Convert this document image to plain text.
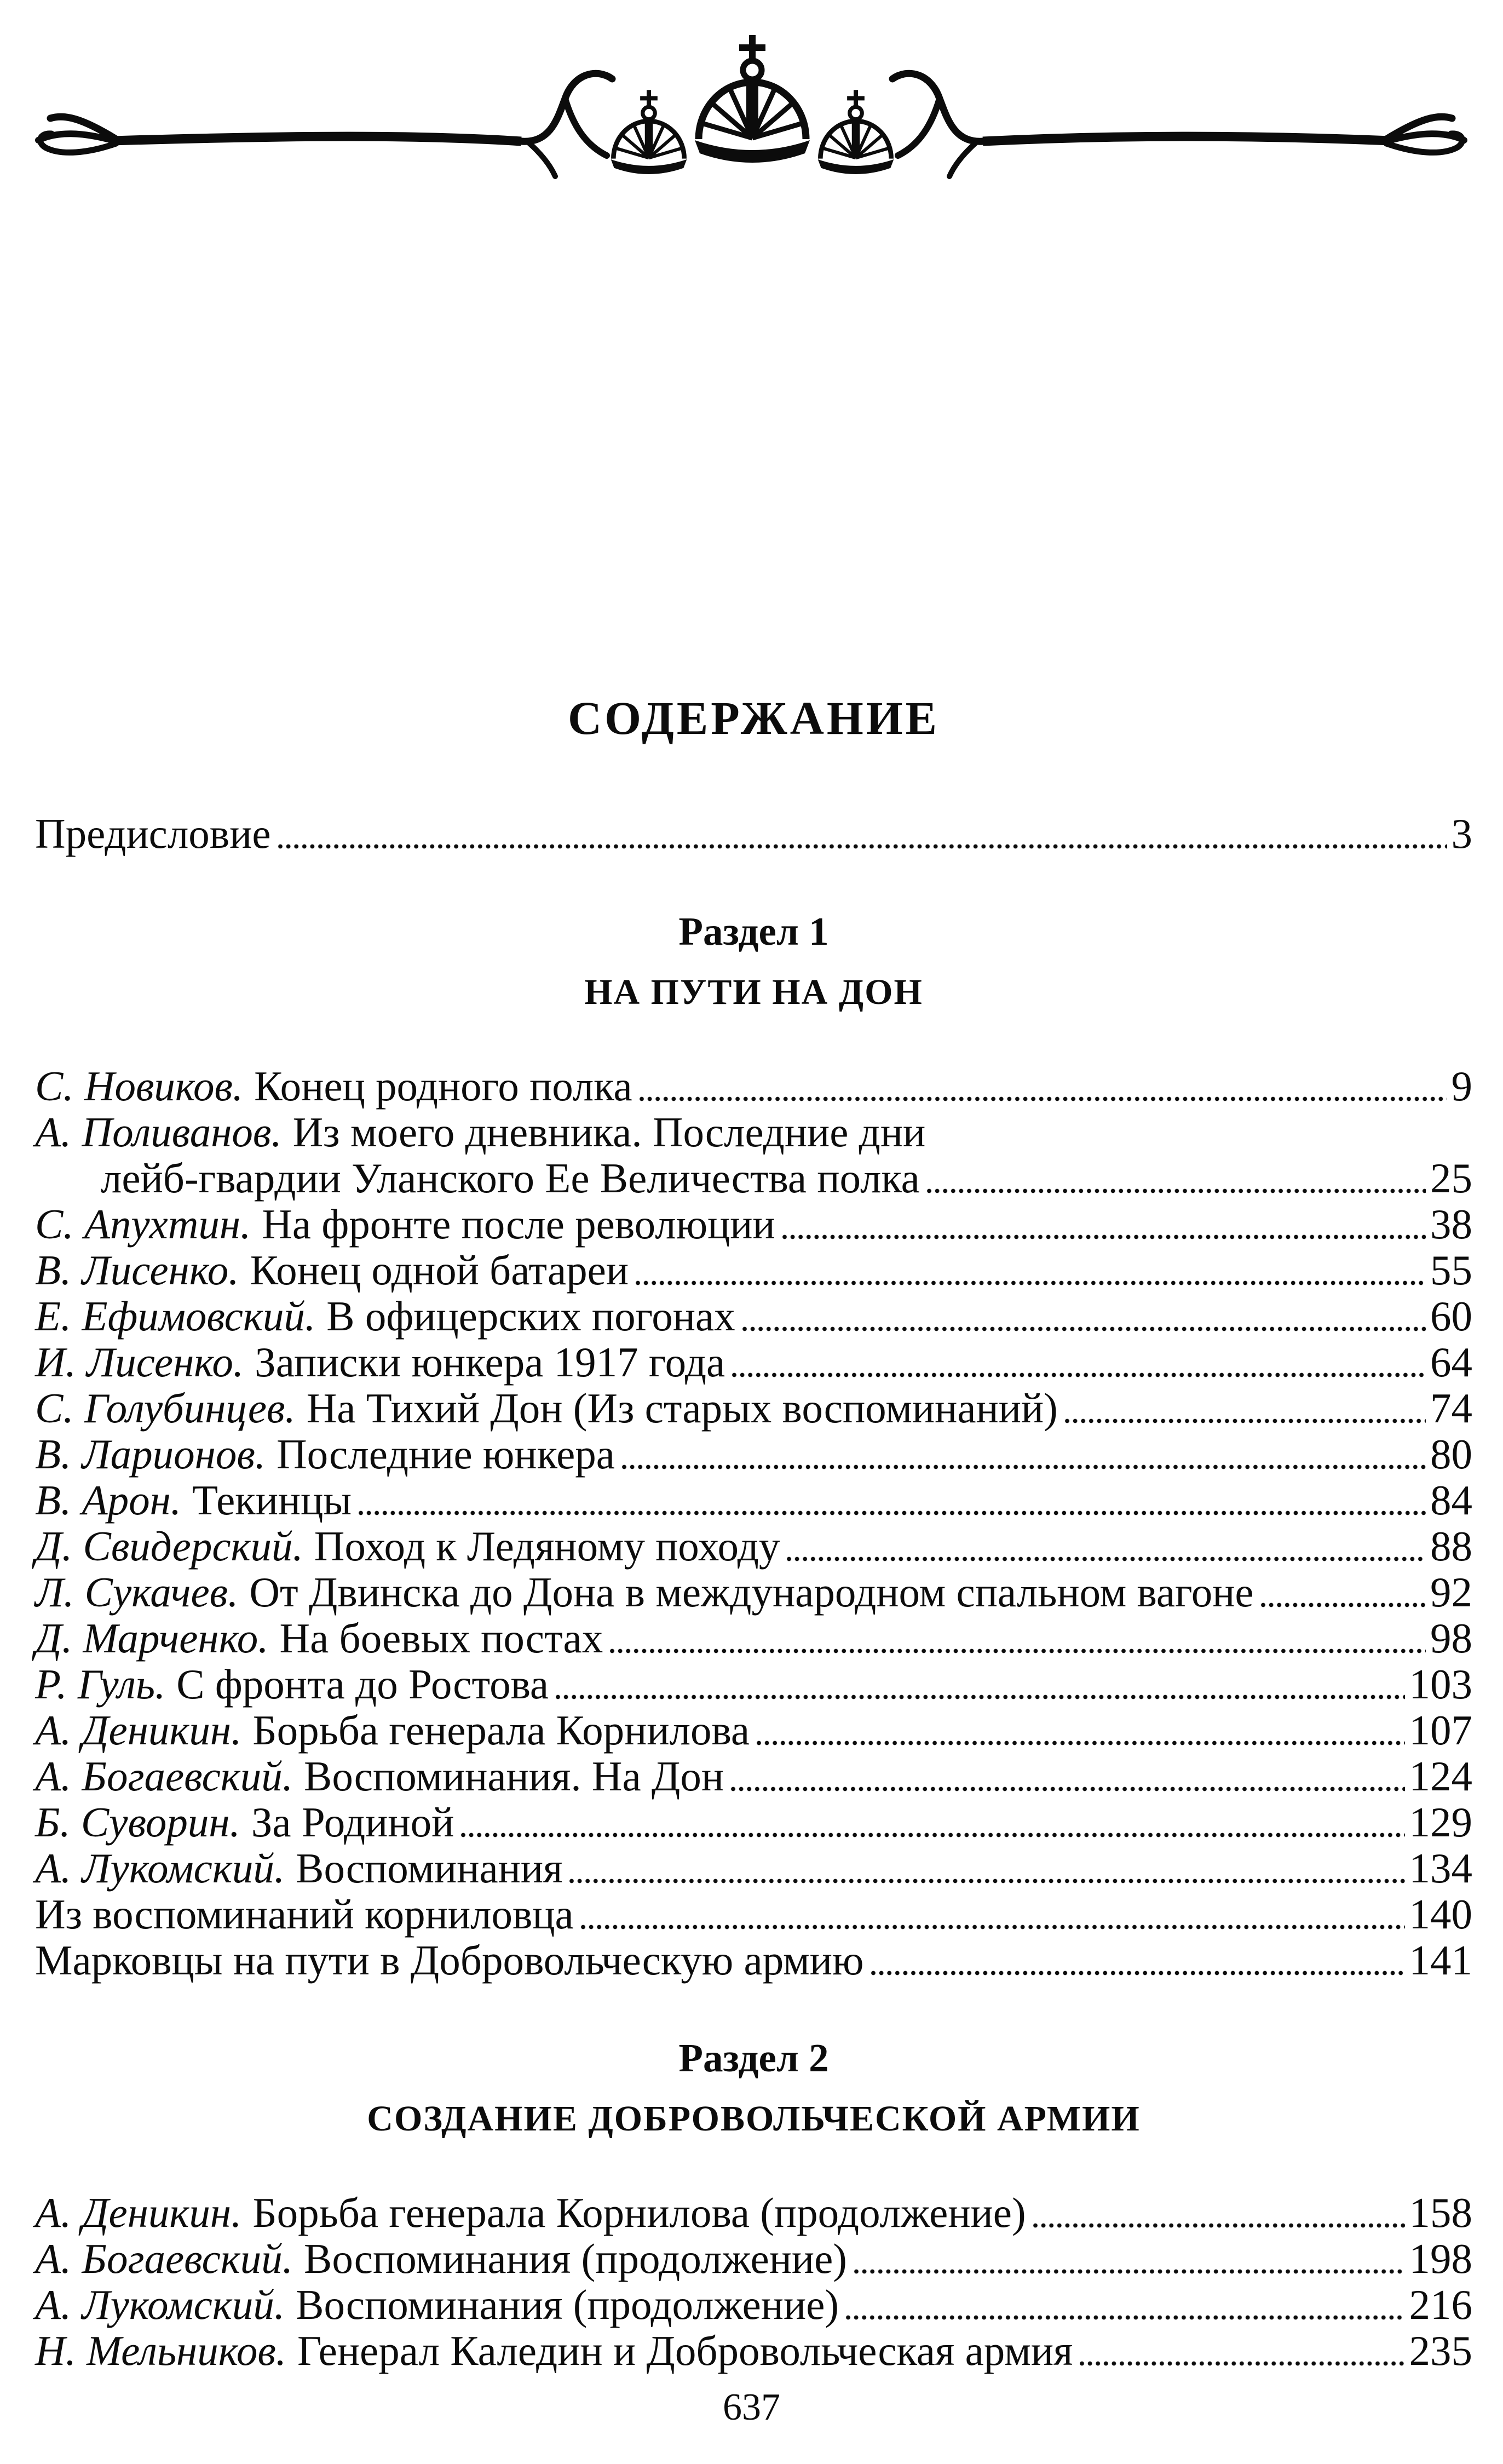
СОДЕРЖАНИЕ
Предисловие	3
Раздел 1
НА ПУТИ НА ДОН
С. Новиков. Конец родного полка	9
А. Поливанов. Из моего дневника. Последние дни
лейб-гвардии Уланского Ее Величества полка	25
С. Апухтин. На фронте после революции	38
В. Лисенко. Конец одной батареи	55
Е. Ефимовский. В офицерских погонах	60
И. Лисенко. Записки юнкера 1917 года	64
С. Голубинцев. На Тихий Дон (Из старых воспоминаний)	74
В. Ларионов. Последние юнкера	80
В. Арон. Текинцы	84
Д. Свидерский. Поход к Ледяному походу	88
Л. Сукачев. От Двинска до Дона в международном спальном вагоне	92
Д. Марченко. На боевых постах	98
Р. Гуль. С фронта до Ростова	103
А. Деникин. Борьба генерала Корнилова	107
А. Богаевский. Воспоминания. На Дон	124
Б. Суворин. За Родиной	129
А. Лукомский. Воспоминания	134
Из воспоминаний корниловца	140
Марковцы на пути в Добровольческую армию	141
Раздел 2
СОЗДАНИЕ ДОБРОВОЛЬЧЕСКОЙ АРМИИ
А. Деникин. Борьба генерала Корнилова (продолжение)	158
А. Богаевский. Воспоминания (продолжение)	198
А. Лукомский. Воспоминания (продолжение)	216
Н. Мельников. Генерал Каледин и Добровольческая армия	235
637
